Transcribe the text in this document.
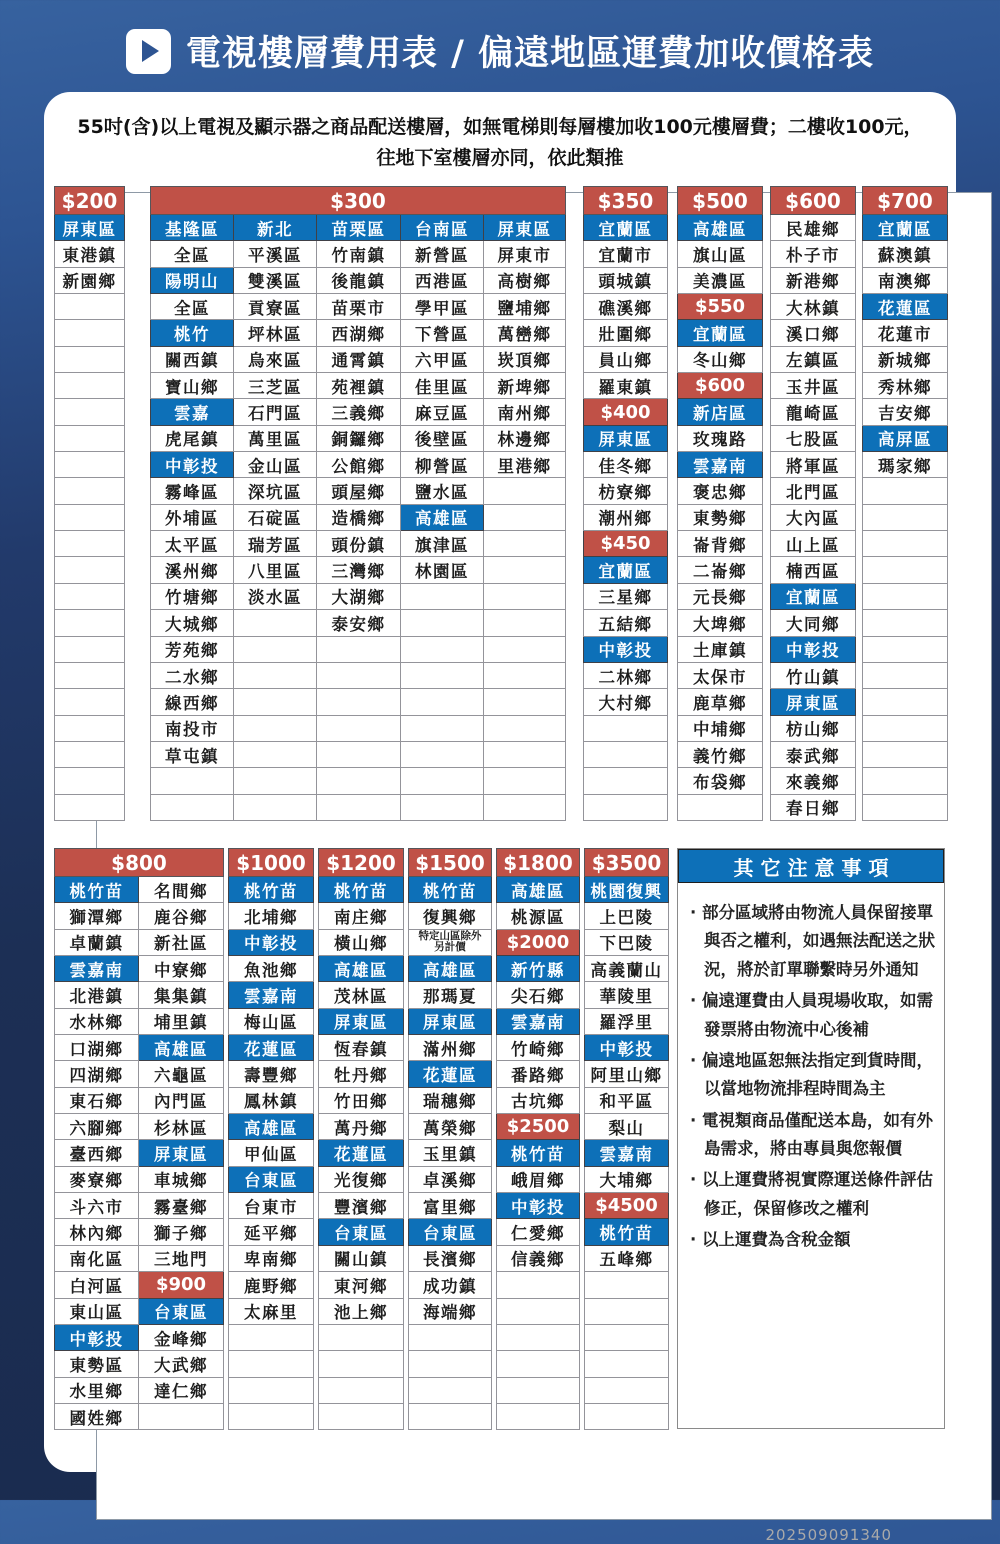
電視樓層費用表 / 偏遠地區運費加收價格表
202509091340
55吋(含)以上電視及顯示器之商品配送樓層，如無電梯則每層樓加收100元樓層費；二樓收100元，
往地下室樓層亦同，依此類推
$200
屏東區
東港鎮
新園鄉

$300				
基隆區	新北	苗栗區	台南區	屏東區
全區	平溪區	竹南鎮	新營區	屏東市
陽明山	雙溪區	後龍鎮	西港區	高樹鄉
全區	貢寮區	苗栗市	學甲區	鹽埔鄉
桃竹	坪林區	西湖鄉	下營區	萬巒鄉
關西鎮	烏來區	通霄鎮	六甲區	崁頂鄉
寶山鄉	三芝區	苑裡鎮	佳里區	新埤鄉
雲嘉	石門區	三義鄉	麻豆區	南州鄉
虎尾鎮	萬里區	銅鑼鄉	後壁區	林邊鄉
中彰投	金山區	公館鄉	柳營區	里港鄉
霧峰區	深坑區	頭屋鄉	鹽水區	
外埔區	石碇區	造橋鄉	高雄區	
太平區	瑞芳區	頭份鎮	旗津區	
溪州鄉	八里區	三灣鄉	林園區	
竹塘鄉	淡水區	大湖鄉		
大城鄉		泰安鄉		
芳苑鄉				
二水鄉				
線西鄉				
南投市				
草屯鎮				

$350
宜蘭區
宜蘭市
頭城鎮
礁溪鄉
壯圍鄉
員山鄉
羅東鎮
$400
屏東區
佳冬鄉
枋寮鄉
潮州鄉
$450
宜蘭區
三星鄉
五結鄉
中彰投
二林鄉
大村鄉

$500
高雄區
旗山區
美濃區
$550
宜蘭區
冬山鄉
$600
新店區
玫瑰路
雲嘉南
褒忠鄉
東勢鄉
崙背鄉
二崙鄉
元長鄉
大埤鄉
土庫鎮
太保市
鹿草鄉
中埔鄉
義竹鄉
布袋鄉

$600
民雄鄉
朴子市
新港鄉
大林鎮
溪口鄉
左鎮區
玉井區
龍崎區
七股區
將軍區
北門區
大內區
山上區
楠西區
宜蘭區
大同鄉
中彰投
竹山鎮
屏東區
枋山鄉
泰武鄉
來義鄉
春日鄉
$700
宜蘭區
蘇澳鎮
南澳鄉
花蓮區
花蓮市
新城鄉
秀林鄉
吉安鄉
高屏區
瑪家鄉

$800	
桃竹苗	名間鄉
獅潭鄉	鹿谷鄉
卓蘭鎮	新社區
雲嘉南	中寮鄉
北港鎮	集集鎮
水林鄉	埔里鎮
口湖鄉	高雄區
四湖鄉	六龜區
東石鄉	內門區
六腳鄉	杉林區
臺西鄉	屏東區
麥寮鄉	車城鄉
斗六市	霧臺鄉
林內鄉	獅子鄉
南化區	三地門
白河區	$900
東山區	台東區
中彰投	金峰鄉
東勢區	大武鄉
水里鄉	達仁鄉
國姓鄉	
$1000
桃竹苗
北埔鄉
中彰投
魚池鄉
雲嘉南
梅山區
花蓮區
壽豐鄉
鳳林鎮
高雄區
甲仙區
台東區
台東市
延平鄉
卑南鄉
鹿野鄉
太麻里

$1200
桃竹苗
南庄鄉
橫山鄉
高雄區
茂林區
屏東區
恆春鎮
牡丹鄉
竹田鄉
萬丹鄉
花蓮區
光復鄉
豐濱鄉
台東區
關山鎮
東河鄉
池上鄉

$1500
桃竹苗
復興鄉
特定山區除外
另計價
高雄區
那瑪夏
屏東區
滿州鄉
花蓮區
瑞穗鄉
萬榮鄉
玉里鎮
卓溪鄉
富里鄉
台東區
長濱鄉
成功鎮
海端鄉

$1800
高雄區
桃源區
$2000
新竹縣
尖石鄉
雲嘉南
竹崎鄉
番路鄉
古坑鄉
$2500
桃竹苗
峨眉鄉
中彰投
仁愛鄉
信義鄉

$3500
桃園復興
上巴陵
下巴陵
高義蘭山
華陵里
羅浮里
中彰投
阿里山鄉
和平區
梨山
雲嘉南
大埔鄉
$4500
桃竹苗
五峰鄉

其它注意事項
· 部分區域將由物流人員保留接單與否之權利，如遇無法配送之狀況，將於訂單聯繫時另外通知
· 偏遠運費由人員現場收取，如需發票將由物流中心後補
· 偏遠地區恕無法指定到貨時間，以當地物流排程時間為主
· 電視類商品僅配送本島，如有外島需求，將由專員與您報價
· 以上運費將視實際運送條件評估修正，保留修改之權利
· 以上運費為含稅金額
